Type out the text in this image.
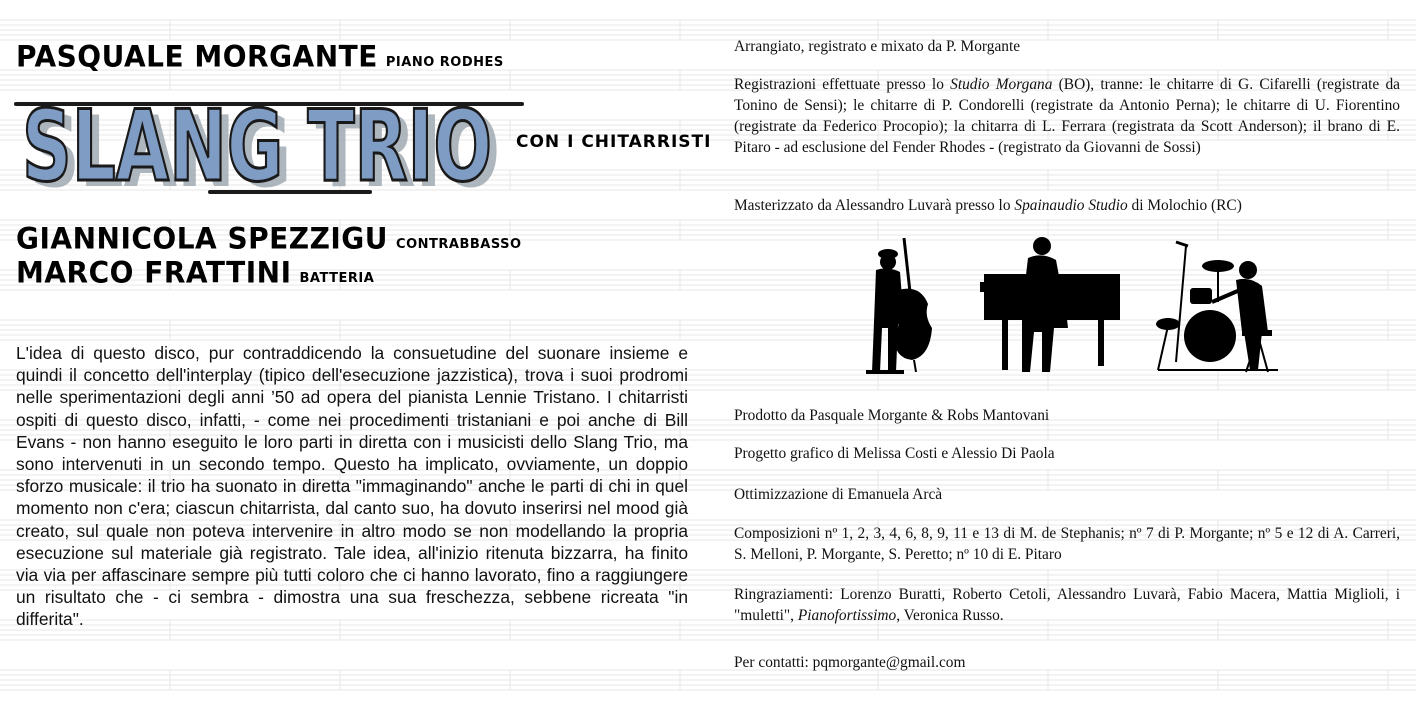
PASQUALE MORGANTE PIANO RODHES
SLANG TRIO
SLANG TRIO CON I CHITARRISTI
GIANNICOLA SPEZZIGU CONTRABBASSO
MARCO FRATTINI BATTERIA

L'idea di questo disco, pur contraddicendo la consuetudine del suonare insieme e quindi il concetto dell'interplay (tipico dell'esecuzione jazzistica), trova i suoi prodromi nelle sperimentazioni degli anni ’50 ad opera del pianista Lennie Tristano. I chitarristi ospiti di questo disco, infatti, - come nei procedimenti tristaniani e poi anche di Bill Evans - non hanno eseguito le loro parti in diretta con i musicisti dello Slang Trio, ma sono intervenuti in un secondo tempo. Questo ha implicato, ovviamente, un doppio sforzo musicale: il trio ha suonato in diretta "immaginando" anche le parti di chi in quel momento non c'era; ciascun chitarrista, dal canto suo, ha dovuto inserirsi nel mood già creato, sul quale non poteva intervenire in altro modo se non modellando la propria esecuzione sul materiale già registrato. Tale idea, all'inizio ritenuta bizzarra, ha finito via via per affascinare sempre più tutti coloro che ci hanno lavorato, fino a raggiungere un risultato che - ci sembra - dimostra una sua freschezza, sebbene ricreata "in differita".

Arrangiato, registrato e mixato da P. Morgante

Registrazioni effettuate presso lo Studio Morgana (BO), tranne: le chitarre di G. Cifarelli (registrate da Tonino de Sensi); le chitarre di P. Condorelli (registrate da Antonio Perna); le chitarre di U. Fiorentino (registrate da Federico Procopio); la chitarra di L. Ferrara (registrata da Scott Anderson); il brano di E. Pitaro - ad esclusione del Fender Rhodes - (registrato da Giovanni de Sossi)

Masterizzato da Alessandro Luvarà presso lo Spainaudio Studio di Molochio (RC)

Prodotto da Pasquale Morgante & Robs Mantovani

Progetto grafico di Melissa Costi e Alessio Di Paola

Ottimizzazione di Emanuela Arcà

Composizioni nº 1, 2, 3, 4, 6, 8, 9, 11 e 13 di M. de Stephanis; nº 7 di P. Morgante; nº 5 e 12 di A. Carreri, S. Melloni, P. Morgante, S. Peretto; nº 10 di E. Pitaro

Ringraziamenti: Lorenzo Buratti, Roberto Cetoli, Alessandro Luvarà, Fabio Macera, Mattia Miglioli, i "muletti", Pianofortissimo, Veronica Russo.

Per contatti: pqmorgante@gmail.com
